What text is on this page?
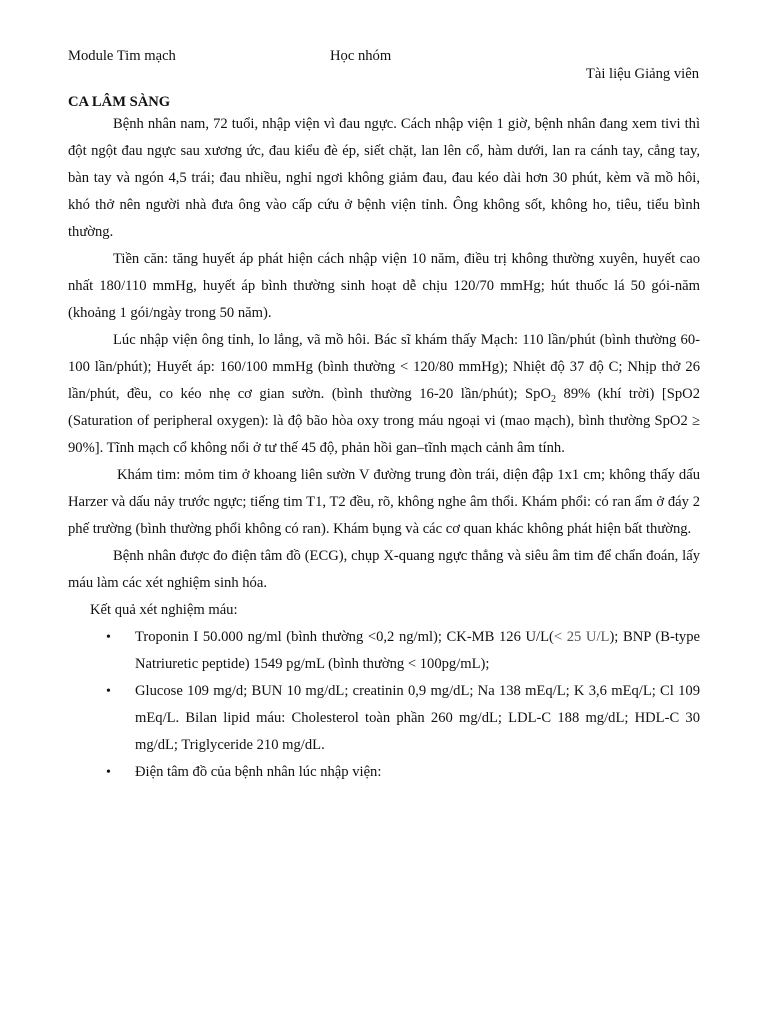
Module Tim mạch	Học nhóm
Tài liệu Giảng viên

CA LÂM SÀNG

Bệnh nhân nam, 72 tuổi, nhập viện vì đau ngực. Cách nhập viện 1 giờ, bệnh nhân đang xem tivi thì đột ngột đau ngực sau xương ức, đau kiểu đè ép, siết chặt, lan lên cổ, hàm dưới, lan ra cánh tay, cẳng tay, bàn tay và ngón 4,5 trái; đau nhiều, nghỉ ngơi không giảm đau, đau kéo dài hơn 30 phút, kèm vã mồ hôi, khó thở nên người nhà đưa ông vào cấp cứu ở bệnh viện tỉnh. Ông không sốt, không ho, tiêu, tiểu bình thường.

Tiền căn: tăng huyết áp phát hiện cách nhập viện 10 năm, điều trị không thường xuyên, huyết cao nhất 180/110 mmHg, huyết áp bình thường sinh hoạt dễ chịu 120/70 mmHg; hút thuốc lá 50 gói-năm (khoảng 1 gói/ngày trong 50 năm).

Lúc nhập viện ông tỉnh, lo lắng, vã mồ hôi. Bác sĩ khám thấy Mạch: 110 lần/phút (bình thường 60-100 lần/phút); Huyết áp: 160/100 mmHg (bình thường < 120/80 mmHg); Nhiệt độ 37 độ C; Nhịp thở 26 lần/phút, đều, co kéo nhẹ cơ gian sườn. (bình thường 16-20 lần/phút); SpO$_2$ 89% (khí trời) [SpO2 (Saturation of peripheral oxygen): là độ bão hòa oxy trong máu ngoại vi (mao mạch), bình thường SpO2 ≥ 90%]. Tĩnh mạch cổ không nổi ở tư thế 45 độ, phản hồi gan–tĩnh mạch cảnh âm tính.

Khám tim: mỏm tim ở khoang liên sườn V đường trung đòn trái, diện đập 1x1 cm; không thấy dấu Harzer và dấu nảy trước ngực; tiếng tim T1, T2 đều, rõ, không nghe âm thổi. Khám phổi: có ran ẩm ở đáy 2 phế trường (bình thường phổi không có ran). Khám bụng và các cơ quan khác không phát hiện bất thường.

Bệnh nhân được đo điện tâm đồ (ECG), chụp X-quang ngực thẳng và siêu âm tim để chẩn đoán, lấy máu làm các xét nghiệm sinh hóa.

Kết quả xét nghiệm máu:

• Troponin I 50.000 ng/ml (bình thường <0,2 ng/ml); CK-MB 126 U/L(< 25 U/L); BNP (B-type Natriuretic peptide) 1549 pg/mL (bình thường < 100pg/mL);
• Glucose 109 mg/d; BUN 10 mg/dL; creatinin 0,9 mg/dL; Na 138 mEq/L; K 3,6 mEq/L; Cl 109 mEq/L. Bilan lipid máu: Cholesterol toàn phần 260 mg/dL; LDL-C 188 mg/dL; HDL-C 30 mg/dL; Triglyceride 210 mg/dL.
• Điện tâm đồ của bệnh nhân lúc nhập viện:
